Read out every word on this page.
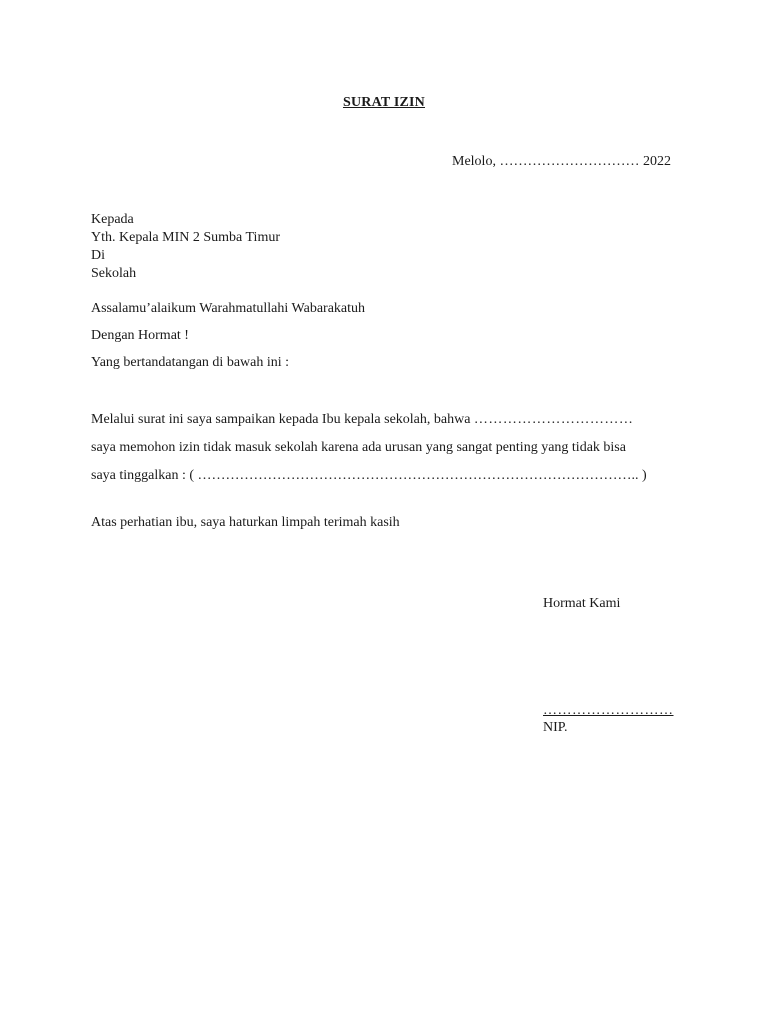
SURAT IZIN
Melolo, ………………………… 2022
Kepada
Yth. Kepala MIN 2 Sumba Timur
Di
Sekolah
Assalamu’alaikum Warahmatullahi Wabarakatuh
Dengan Hormat !
Yang bertandatangan di bawah ini :
Melalui surat ini saya sampaikan kepada Ibu kepala sekolah, bahwa ……………………………
saya memohon izin tidak masuk sekolah karena ada urusan yang sangat penting yang tidak bisa
saya tinggalkan : ( ………………………………………………………………………………….. )
Atas perhatian ibu, saya haturkan limpah terimah kasih
Hormat Kami
………………………
NIP.
